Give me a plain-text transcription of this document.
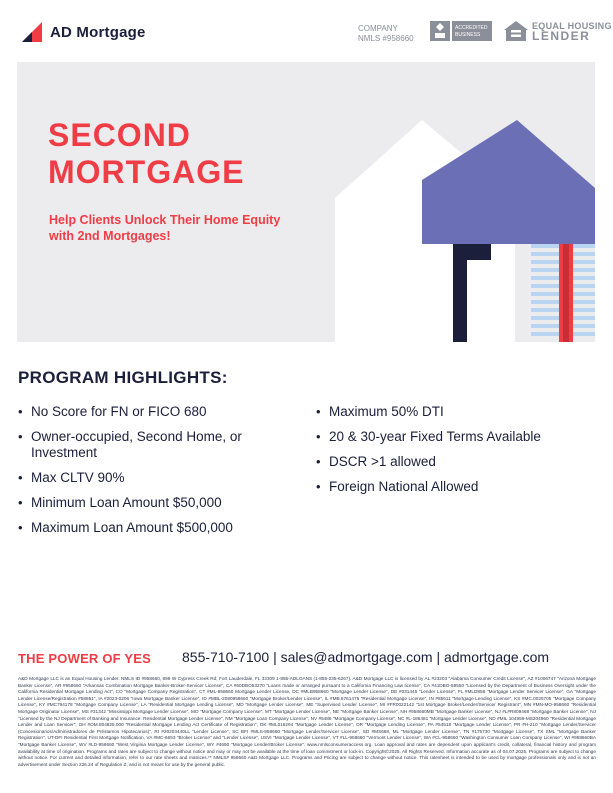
AD Mortgage	COMPANY
NMLS #958660
ACCREDITED
BUSINESS
EQUAL HOUSING
LENDER
SECOND
MORTGAGE
Help Clients Unlock Their Home Equity with 2nd Mortgages!
PROGRAM HIGHLIGHTS:
• No Score for FN or FICO 680
• Owner-occupied, Second Home, or Investment
• Max CLTV 90%
• Minimum Loan Amount $50,000
• Maximum Loan Amount $500,000
• Maximum 50% DTI
• 20 & 30-year Fixed Terms Available
• DSCR >1 allowed
• Foreign National Allowed
THE POWER OF YES 855-710-7100 | sales@admortgage.com | admortgage.com
A&D Mortgage LLC is an Equal Housing Lender. NMLS ID #958660, 899 W Cypress Creek Rd, Fort Lauderdale, FL 33309 1-855-ADLOANS (1-855-235-6267). A&D Mortgage LLC is licensed by AL #23203 "Alabama Consumer Credit License", AZ #1006747 "Arizona Mortgage Banker License", AR #958660 "Arkansas Combination Mortgage Banker-Broker-Servicer License", CA #60DBO53270 "Loans made or arranged pursuant to a California Financing Law license", CA #41DBO-59550 "Licensed by the Department of Business Oversight under the California Residential Mortgage Lending Act", CO "Mortgage Company Registration", CT #ML-958660 Mortgage Lender License, DC #MLB958660 "Mortgage Lender License", DE #031445 "Lender License", FL #MLD858 "Mortgage Lender Servicer License", GA "Mortgage Lender License/Registration #58851", IA #2023-0206 "Iowa Mortgage Banker License", ID #MBL-2080958660 "Mortgage Broker/Lender License", IL #MB.6761475 "Residential Mortgage License", IN #85611 "Mortgage Lending License", KS #MC.0025705 "Mortgage Company License", KY #MC794178 "Mortgage Company License", LA "Residential Mortgage Lending License", MD "Mortgage Lender License", ME "Supervised Lender License", MI #FR0022142 "1st Mortgage Broker/Lender/Servicer Registrant", MN #MN-MO-958660 "Residential Mortgage Originator License", MS #31342 "Mississippi Mortgage Lender License", MO "Mortgage Company License", MT "Mortgage Lender License", NE "Mortgage Banker License", NH #958660MB "Mortgage Banker License", NJ #L#R809468 "Mortgage Banker License", NJ "Licensed by the NJ Department of Banking and Insurance: Residential Mortgage Lender License", NM "Mortgage Loan Company License", NV #5486 "Mortgage Company License", NC #L-186481 "Mortgage Lender License", ND #MIL 104959-MS204960 "Residential Mortgage Lender and Loan Servicer", OH #OM.804825.000 "Residential Mortgage Lending Act Certificate of Registration", OK #ML016294 "Mortgage Lender License", OR "Mortgage Lending License", PA #54518 "Mortgage Lender License", PR #H-210 "Mortgage Lender/Servicer (Concesionarios/Administradores de Préstamos Hipotecarios)", RI #20203440LL "Lender License", SC BFI #MLS-958660 "Mortgage Lender/Servicer License", SD #MS668, ML "Mortgage Lender License", TN #175730 "Mortgage License", TX SML "Mortgage Banker Registration", UT-DFI Residential First Mortgage Notification, VA #MC-6653 "Broker License" and "Lender License", USVI "Mortgage Lender License", VT #LL-958660 "Vermont Lender License", WA #CL-958660 "Washington Consumer Loan Company License", WI #958660BA "Mortgage Banker License", WV #LD-958660 "West Virginia Mortgage Lender License", WY #4690 "Mortgage Lender/Broker License". www.nmlsconsumeraccess.org. Loan approval and rates are dependent upon applicant's credit, collateral, financial history and program availability at time of origination. Programs and rates are subject to change without notice and may or may not be available at the time of loan commitment or lock-in. Copyright©2025. All Rights Reserved. Information accurate as of 04.07.2025. Programs are subject to change without notice. For current and detailed information, refer to our rate sheets and matrices.** NMLS# 958660 A&D Mortgage LLC. Programs and Pricing are subject to change without notice. This ratesheet is intended to be used by mortgage professionals only and is not an advertisement under Section 226.24 of Regulation Z, and is not meant for use by the general public.
